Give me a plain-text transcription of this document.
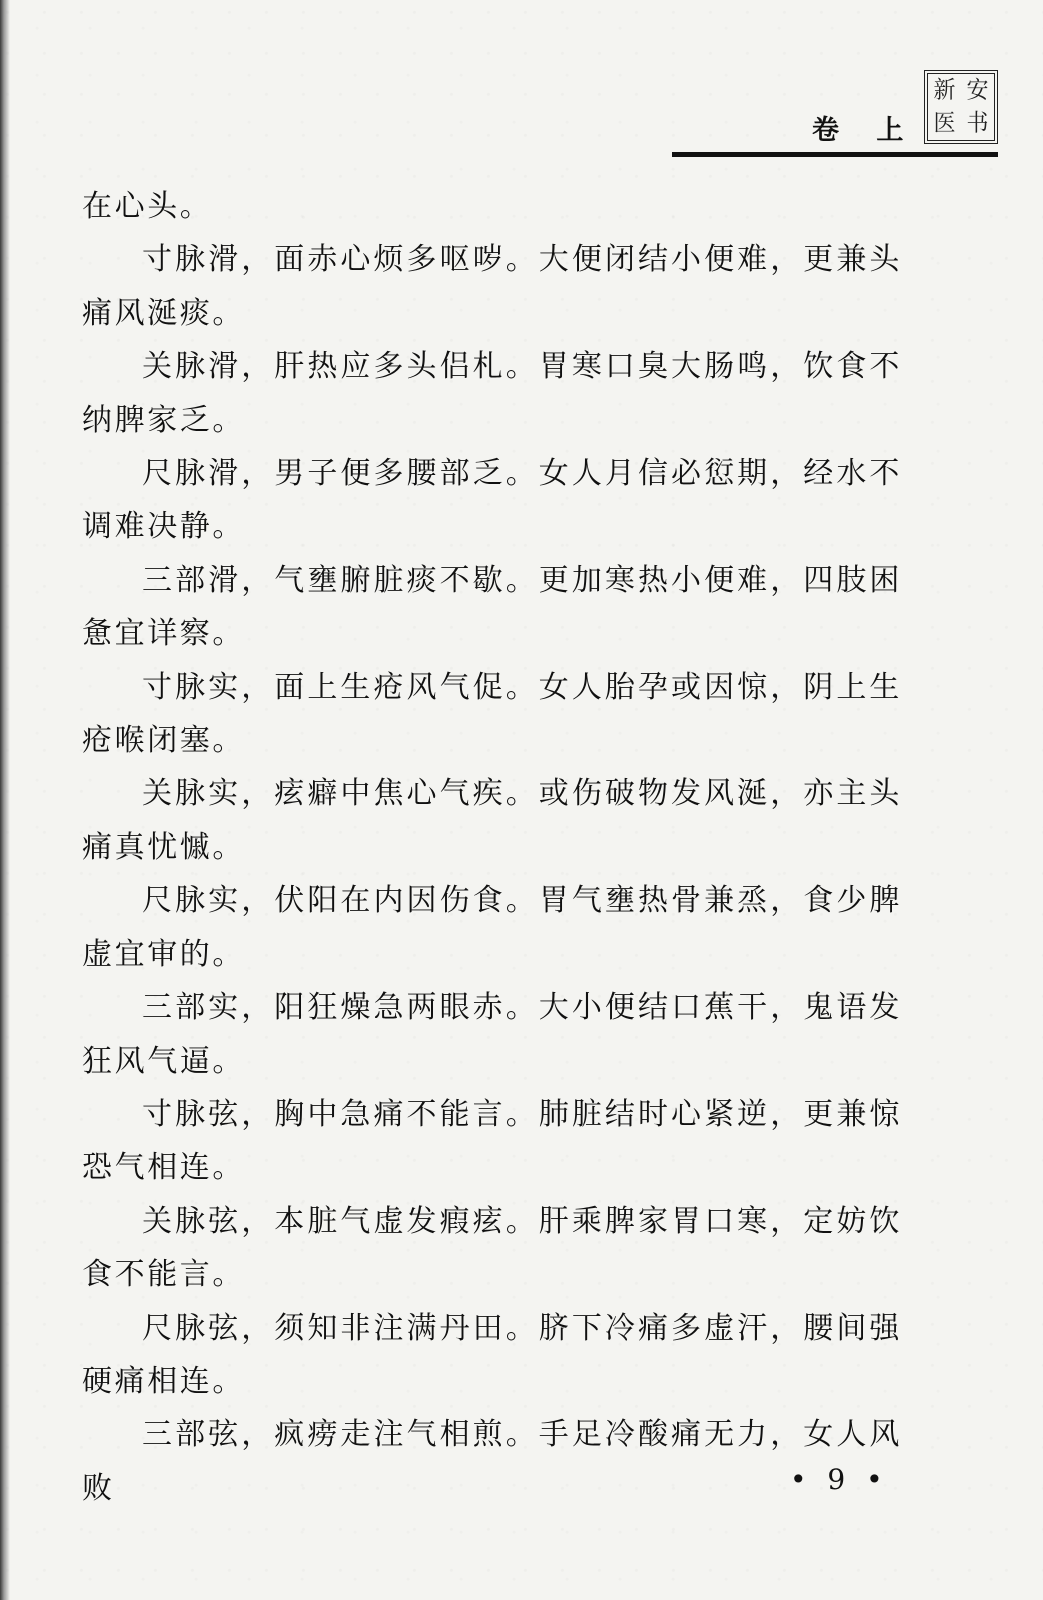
新 安
医 书
卷 上

在心头。

寸脉滑，面赤心烦多呕哕。大便闭结小便难，更兼头痛风涎痰。

关脉滑，肝热应多头侣札。胃寒口臭大肠鸣，饮食不纳脾家乏。

尺脉滑，男子便多腰部乏。女人月信必愆期，经水不调难决静。

三部滑，气壅腑脏痰不歇。更加寒热小便难，四肢困惫宜详察。

寸脉实，面上生疮风气促。女人胎孕或因惊，阴上生疮喉闭塞。

关脉实，痃癖中焦心气疾。或伤破物发风涎，亦主头痛真忧慽。

尺脉实，伏阳在内因伤食。胃气壅热骨兼烝，食少脾虚宜审的。

三部实，阳狂燥急两眼赤。大小便结口蕉干，鬼语发狂风气逼。

寸脉弦，胸中急痛不能言。肺脏结时心紧逆，更兼惊恐气相连。

关脉弦，本脏气虚发瘕痃。肝乘脾家胃口寒，定妨饮食不能言。

尺脉弦，须知非注满丹田。脐下冷痛多虚汗，腰间强硬痛相连。

三部弦，疯痨走注气相煎。手足冷酸痛无力，女人风败	• 9 •
